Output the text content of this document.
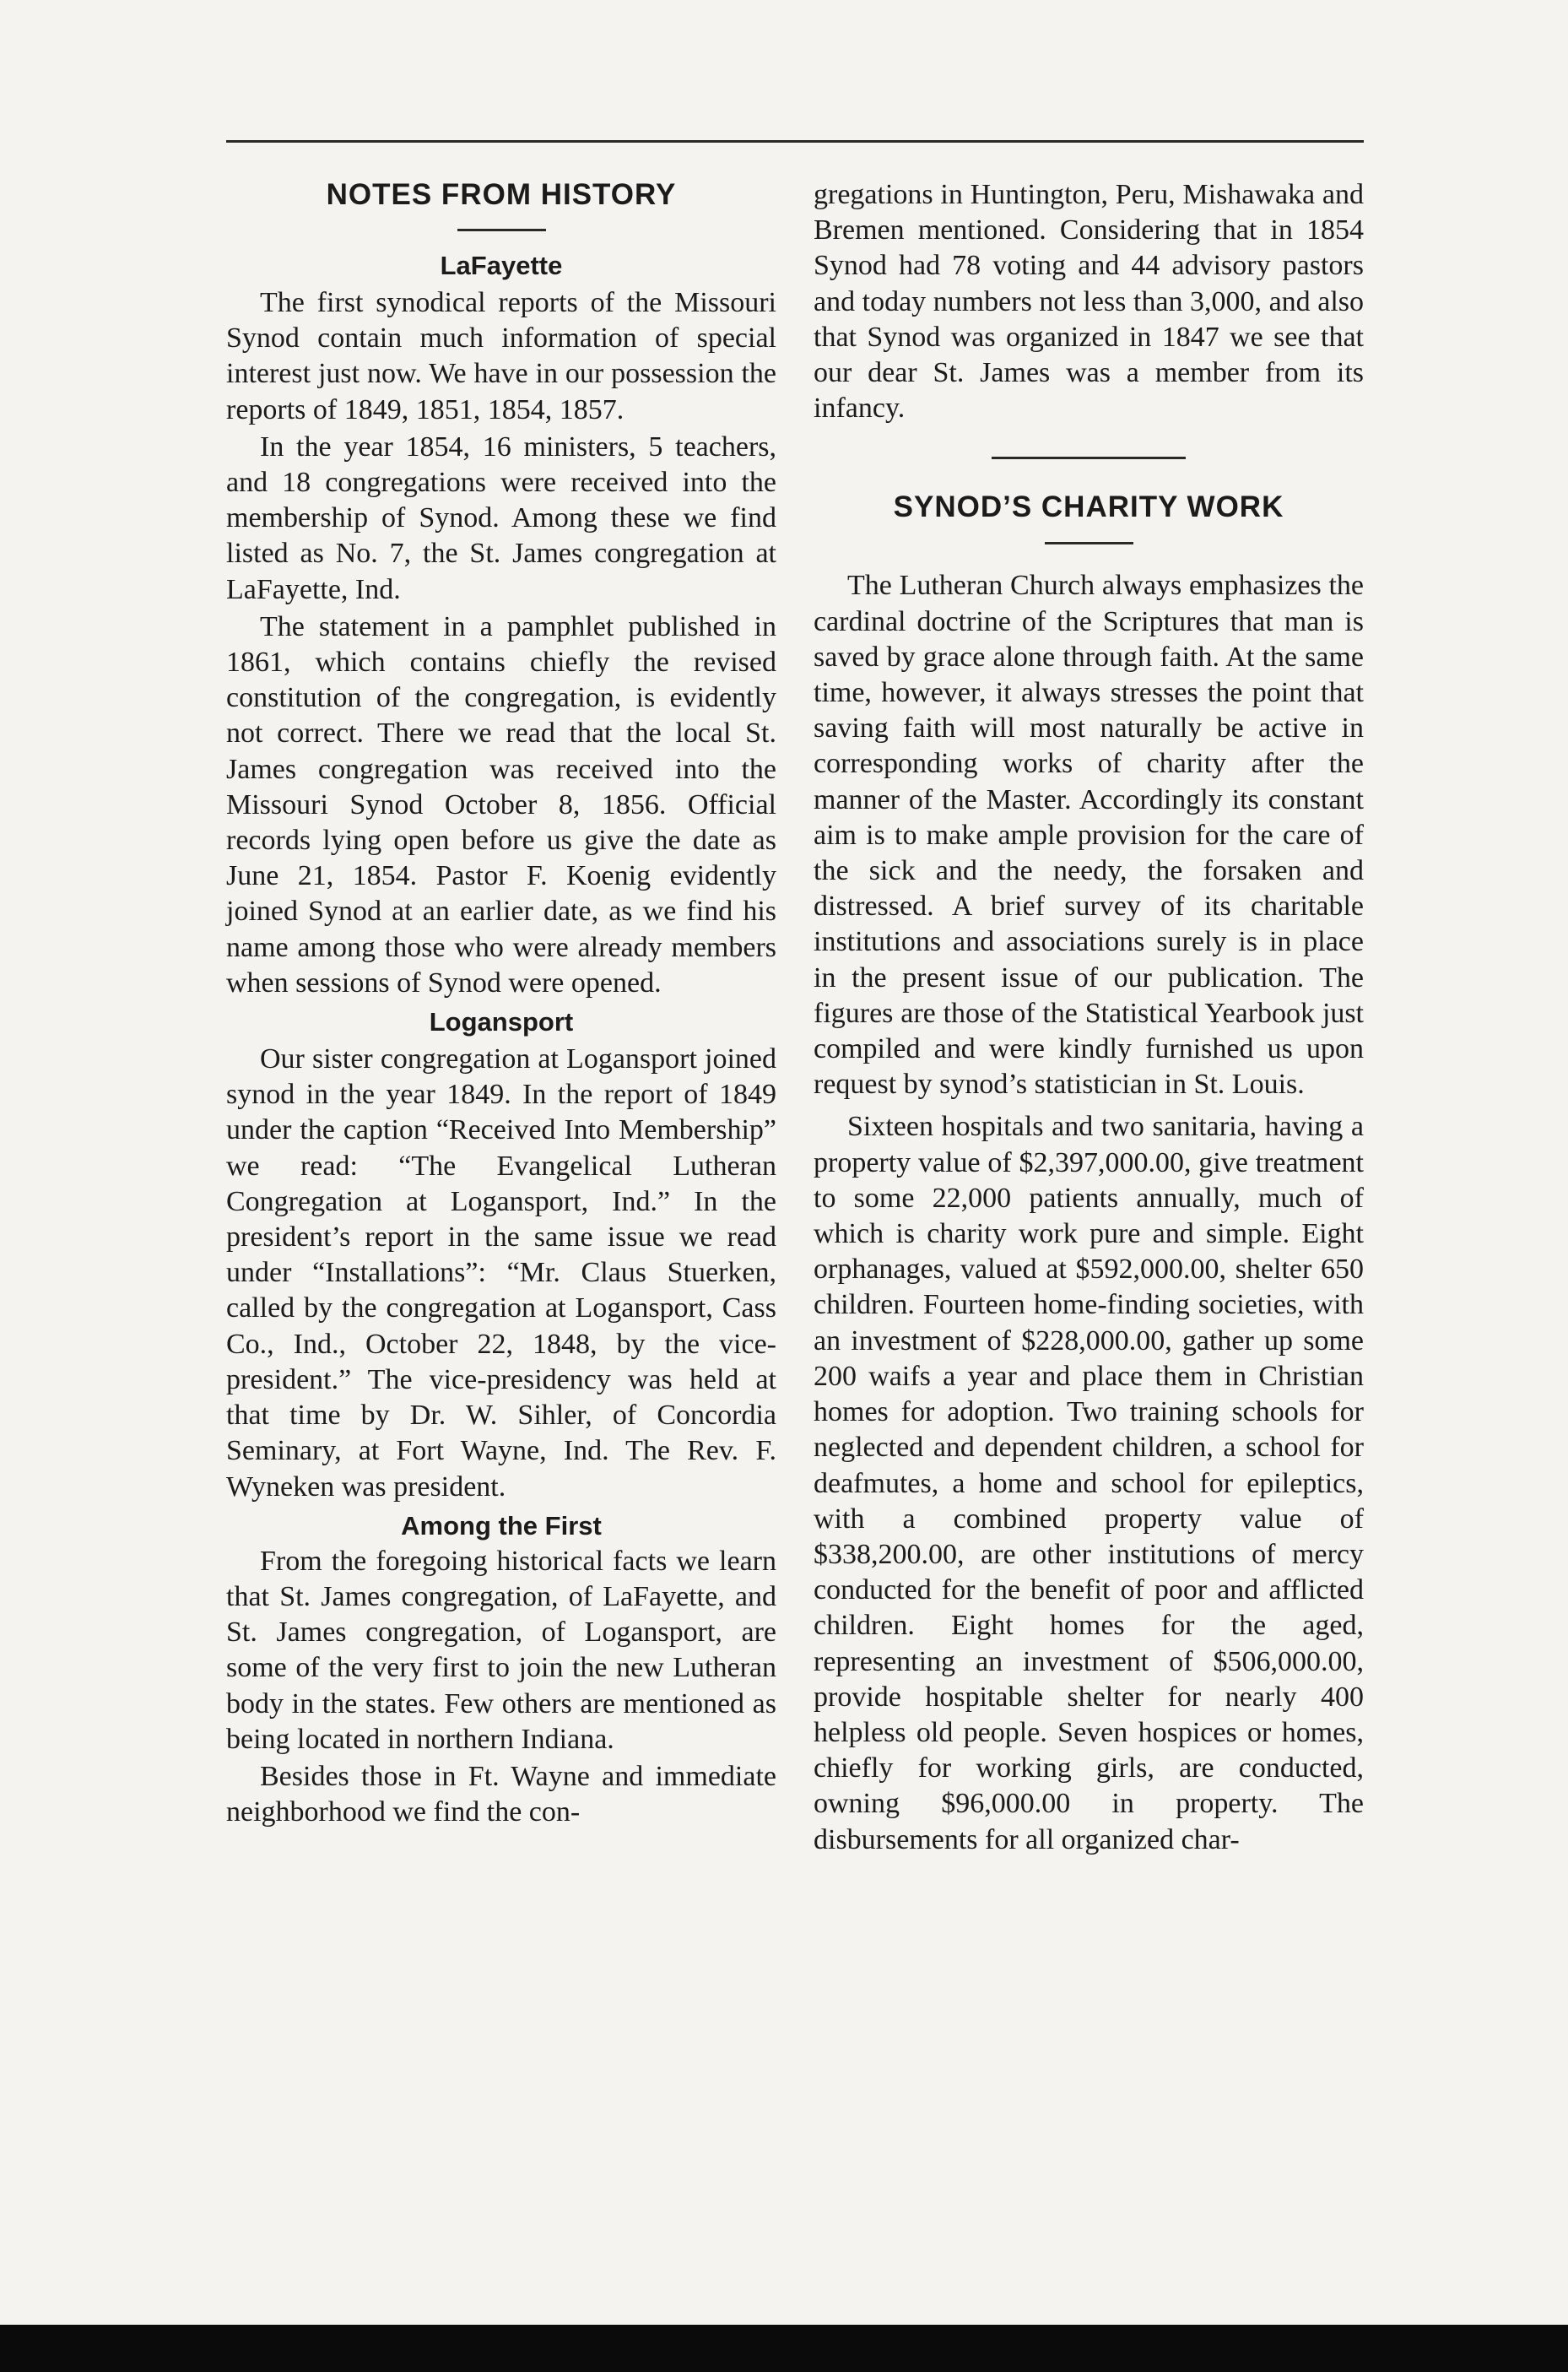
NOTES FROM HISTORY
LaFayette

The first synodical reports of the Missouri Synod contain much information of special interest just now. We have in our possession the reports of 1849, 1851, 1854, 1857.

In the year 1854, 16 ministers, 5 teachers, and 18 congregations were received into the membership of Synod. Among these we find listed as No. 7, the St. James congregation at LaFayette, Ind.

The statement in a pamphlet published in 1861, which contains chiefly the revised constitution of the congregation, is evidently not correct. There we read that the local St. James congregation was received into the Missouri Synod October 8, 1856. Official records lying open before us give the date as June 21, 1854. Pastor F. Koenig evidently joined Synod at an earlier date, as we find his name among those who were already members when sessions of Synod were opened.

Logansport

Our sister congregation at Logansport joined synod in the year 1849. In the report of 1849 under the caption “Received Into Membership” we read: “The Evangelical Lutheran Congregation at Logansport, Ind.” In the president’s report in the same issue we read under “Installations”: “Mr. Claus Stuerken, called by the congregation at Logansport, Cass Co., Ind., October 22, 1848, by the vice-president.” The vice-presidency was held at that time by Dr. W. Sihler, of Concordia Seminary, at Fort Wayne, Ind. The Rev. F. Wyneken was president.

Among the First

From the foregoing historical facts we learn that St. James congregation, of LaFayette, and St. James congregation, of Logansport, are some of the very first to join the new Lutheran body in the states. Few others are mentioned as being located in northern Indiana.

Besides those in Ft. Wayne and immediate neighborhood we find the con-

gregations in Huntington, Peru, Mishawaka and Bremen mentioned. Considering that in 1854 Synod had 78 voting and 44 advisory pastors and today numbers not less than 3,000, and also that Synod was organized in 1847 we see that our dear St. James was a member from its infancy.

SYNOD’S CHARITY WORK

The Lutheran Church always emphasizes the cardinal doctrine of the Scriptures that man is saved by grace alone through faith. At the same time, however, it always stresses the point that saving faith will most naturally be active in corresponding works of charity after the manner of the Master. Accordingly its constant aim is to make ample provision for the care of the sick and the needy, the forsaken and distressed. A brief survey of its charitable institutions and associations surely is in place in the present issue of our publication. The figures are those of the Statistical Yearbook just compiled and were kindly furnished us upon request by synod’s statistician in St. Louis.

Sixteen hospitals and two sanitaria, having a property value of $2,397,000.00, give treatment to some 22,000 patients annually, much of which is charity work pure and simple. Eight orphanages, valued at $592,000.00, shelter 650 children. Fourteen home-finding societies, with an investment of $228,000.00, gather up some 200 waifs a year and place them in Christian homes for adoption. Two training schools for neglected and dependent children, a school for deafmutes, a home and school for epileptics, with a combined property value of $338,200.00, are other institutions of mercy conducted for the benefit of poor and afflicted children. Eight homes for the aged, representing an investment of $506,000.00, provide hospitable shelter for nearly 400 helpless old people. Seven hospices or homes, chiefly for working girls, are conducted, owning $96,000.00 in property. The disbursements for all organized char-
